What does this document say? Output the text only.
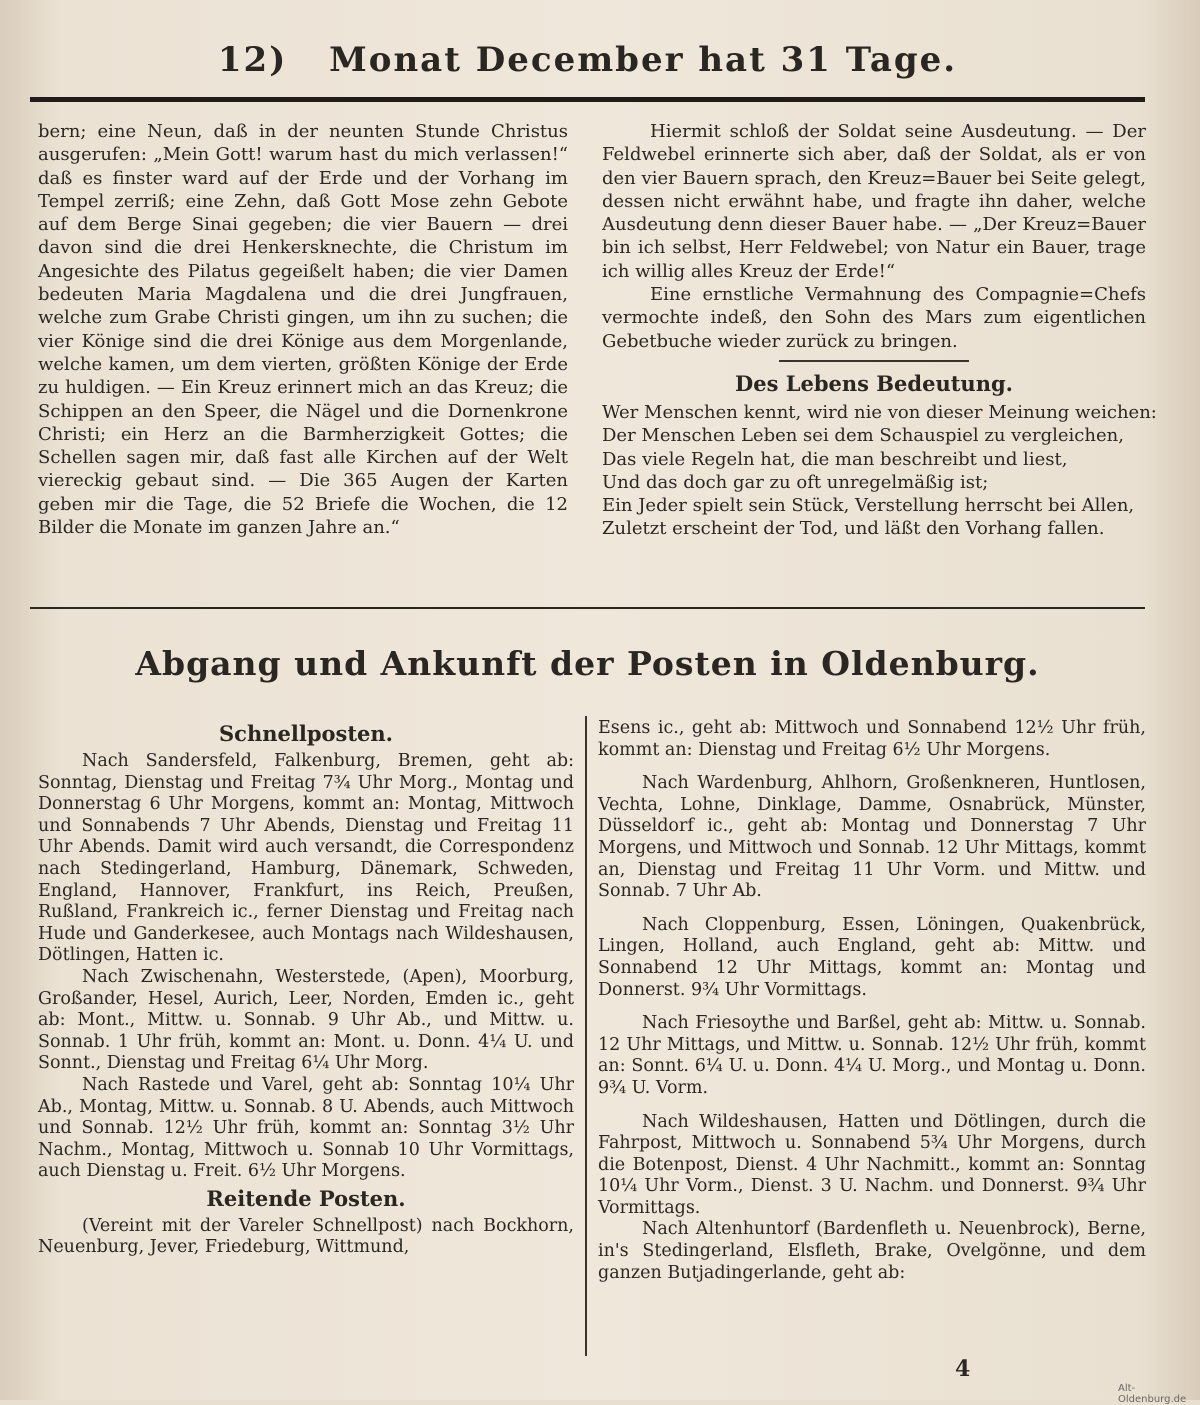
12) Monat December hat 31 Tage.

bern; eine Neun, daß in der neunten Stunde Christus ausgerufen: „Mein Gott! warum hast du mich verlassen!“ daß es finster ward auf der Erde und der Vorhang im Tempel zerriß; eine Zehn, daß Gott Mose zehn Gebote auf dem Berge Sinai gegeben; die vier Bauern — drei davon sind die drei Henkersknechte, die Christum im Angesichte des Pilatus gegeißelt haben; die vier Damen bedeuten Maria Magdalena und die drei Jungfrauen, welche zum Grabe Christi gingen, um ihn zu suchen; die vier Könige sind die drei Könige aus dem Morgenlande, welche kamen, um dem vierten, größten Könige der Erde zu huldigen. — Ein Kreuz erinnert mich an das Kreuz; die Schippen an den Speer, die Nägel und die Dornenkrone Christi; ein Herz an die Barmherzigkeit Gottes; die Schellen sagen mir, daß fast alle Kirchen auf der Welt viereckig gebaut sind. — Die 365 Augen der Karten geben mir die Tage, die 52 Briefe die Wochen, die 12 Bilder die Monate im ganzen Jahre an.“

Hiermit schloß der Soldat seine Ausdeutung. — Der Feldwebel erinnerte sich aber, daß der Soldat, als er von den vier Bauern sprach, den Kreuz=Bauer bei Seite gelegt, dessen nicht erwähnt habe, und fragte ihn daher, welche Ausdeutung denn dieser Bauer habe. — „Der Kreuz=Bauer bin ich selbst, Herr Feldwebel; von Natur ein Bauer, trage ich willig alles Kreuz der Erde!“

Eine ernstliche Vermahnung des Compagnie=Chefs vermochte indeß, den Sohn des Mars zum eigentlichen Gebetbuche wieder zurück zu bringen.

Des Lebens Bedeutung.
Wer Menschen kennt, wird nie von dieser Meinung weichen:
Der Menschen Leben sei dem Schauspiel zu vergleichen,
Das viele Regeln hat, die man beschreibt und liest,
Und das doch gar zu oft unregelmäßig ist;
Ein Jeder spielt sein Stück, Verstellung herrscht bei Allen,
Zuletzt erscheint der Tod, und läßt den Vorhang fallen.
Abgang und Ankunft der Posten in Oldenburg.
Schnellposten.

Nach Sandersfeld, Falkenburg, Bremen, geht ab: Sonntag, Dienstag und Freitag 7¾ Uhr Morg., Montag und Donnerstag 6 Uhr Morgens, kommt an: Montag, Mittwoch und Sonnabends 7 Uhr Abends, Dienstag und Freitag 11 Uhr Abends. Damit wird auch versandt, die Correspondenz nach Stedingerland, Hamburg, Dänemark, Schweden, England, Hannover, Frankfurt, ins Reich, Preußen, Rußland, Frankreich ic., ferner Dienstag und Freitag nach Hude und Ganderkesee, auch Montags nach Wildeshausen, Dötlingen, Hatten ic.

Nach Zwischenahn, Westerstede, (Apen), Moorburg, Großander, Hesel, Aurich, Leer, Norden, Emden ic., geht ab: Mont., Mittw. u. Sonnab. 9 Uhr Ab., und Mittw. u. Sonnab. 1 Uhr früh, kommt an: Mont. u. Donn. 4¼ U. und Sonnt., Dienstag und Freitag 6¼ Uhr Morg.

Nach Rastede und Varel, geht ab: Sonntag 10¼ Uhr Ab., Montag, Mittw. u. Sonnab. 8 U. Abends, auch Mittwoch und Sonnab. 12½ Uhr früh, kommt an: Sonntag 3½ Uhr Nachm., Montag, Mittwoch u. Sonnab 10 Uhr Vormittags, auch Dienstag u. Freit. 6½ Uhr Morgens.

Reitende Posten.

(Vereint mit der Vareler Schnellpost) nach Bockhorn, Neuenburg, Jever, Friedeburg, Wittmund,

Esens ic., geht ab: Mittwoch und Sonnabend 12½ Uhr früh, kommt an: Dienstag und Freitag 6½ Uhr Morgens.

Nach Wardenburg, Ahlhorn, Großenkneren, Huntlosen, Vechta, Lohne, Dinklage, Damme, Osnabrück, Münster, Düsseldorf ic., geht ab: Montag und Donnerstag 7 Uhr Morgens, und Mittwoch und Sonnab. 12 Uhr Mittags, kommt an, Dienstag und Freitag 11 Uhr Vorm. und Mittw. und Sonnab. 7 Uhr Ab.

Nach Cloppenburg, Essen, Löningen, Quakenbrück, Lingen, Holland, auch England, geht ab: Mittw. und Sonnabend 12 Uhr Mittags, kommt an: Montag und Donnerst. 9¾ Uhr Vormittags.

Nach Friesoythe und Barßel, geht ab: Mittw. u. Sonnab. 12 Uhr Mittags, und Mittw. u. Sonnab. 12½ Uhr früh, kommt an: Sonnt. 6¼ U. u. Donn. 4¼ U. Morg., und Montag u. Donn. 9¾ U. Vorm.

Nach Wildeshausen, Hatten und Dötlingen, durch die Fahrpost, Mittwoch u. Sonnabend 5¾ Uhr Morgens, durch die Botenpost, Dienst. 4 Uhr Nachmitt., kommt an: Sonntag 10¼ Uhr Vorm., Dienst. 3 U. Nachm. und Donnerst. 9¾ Uhr Vormittags.

Nach Altenhuntorf (Bardenfleth u. Neuenbrock), Berne, in's Stedingerland, Elsfleth, Brake, Ovelgönne, und dem ganzen Butjadingerlande, geht ab:

4
Alt-Oldenburg.de
